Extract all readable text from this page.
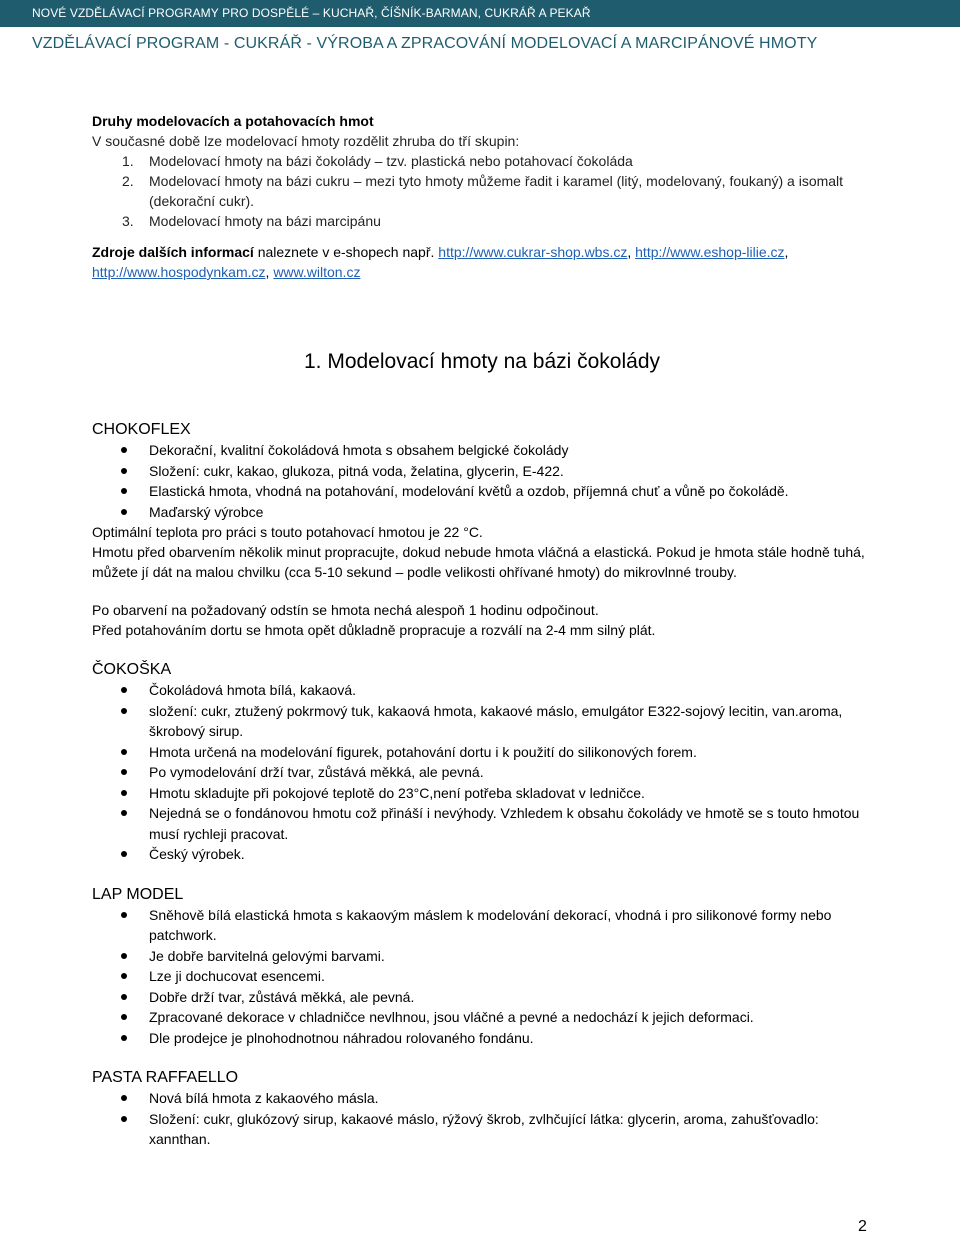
NOVÉ VZDĚLÁVACÍ PROGRAMY PRO DOSPĚLÉ – KUCHAŘ, ČÍŠNÍK-BARMAN, CUKRÁŘ A PEKAŘ
VZDĚLÁVACÍ PROGRAM - CUKRÁŘ - VÝROBA A ZPRACOVÁNÍ MODELOVACÍ A MARCIPÁNOVÉ HMOTY

Druhy modelovacích a potahovacích hmot

V současné době lze modelovací hmoty rozdělit zhruba do tří skupin:

1. Modelovací hmoty na bázi čokolády – tzv. plastická nebo potahovací čokoláda
2. Modelovací hmoty na bázi cukru – mezi tyto hmoty můžeme řadit i karamel (litý, modelovaný, foukaný) a isomalt (dekorační cukr).
3. Modelovací hmoty na bázi marcipánu

Zdroje dalších informací naleznete v e-shopech např. http://www.cukrar-shop.wbs.cz, http://www.eshop-lilie.cz,
http://www.hospodynkam.cz, www.wilton.cz

1. Modelovací hmoty na bázi čokolády

CHOKOFLEX

Dekorační, kvalitní čokoládová hmota s obsahem belgické čokolády
Složení: cukr, kakao, glukoza, pitná voda, želatina, glycerin, E-422.
Elastická hmota, vhodná na potahování, modelování květů a ozdob, příjemná chuť a vůně po čokoládě.
Maďarský výrobce

Optimální teplota pro práci s touto potahovací hmotou je 22 °C.

Hmotu před obarvením několik minut propracujte, dokud nebude hmota vláčná a elastická. Pokud je hmota stále hodně tuhá, můžete jí dát na malou chvilku (cca 5-10 sekund – podle velikosti ohřívané hmoty) do mikrovlnné trouby.

Po obarvení na požadovaný odstín se hmota nechá alespoň 1 hodinu odpočinout.

Před potahováním dortu se hmota opět důkladně propracuje a rozválí na 2-4 mm silný plát.

ČOKOŠKA

Čokoládová hmota bílá, kakaová.
složení: cukr, ztužený pokrmový tuk, kakaová hmota, kakaové máslo, emulgátor E322-sojový lecitin, van.aroma, škrobový sirup.
Hmota určená na modelování figurek, potahování dortu i k použití do silikonových forem.
Po vymodelování drží tvar, zůstává měkká, ale pevná.
Hmotu skladujte při pokojové teplotě do 23°C,není potřeba skladovat v ledničce.
Nejedná se o fondánovou hmotu což přináší i nevýhody. Vzhledem k obsahu čokolády ve hmotě se s touto hmotou musí rychleji pracovat.
Český výrobek.

LAP MODEL

Sněhově bílá elastická hmota s kakaovým máslem k modelování dekorací, vhodná i pro silikonové formy nebo patchwork.
Je dobře barvitelná gelovými barvami.
Lze ji dochucovat esencemi.
Dobře drží tvar, zůstává měkká, ale pevná.
Zpracované dekorace v chladničce nevlhnou, jsou vláčné a pevné a nedochází k jejich deformaci.
Dle prodejce je plnohodnotnou náhradou rolovaného fondánu.

PASTA RAFFAELLO

Nová bílá hmota z kakaového másla.
Složení: cukr, glukózový sirup, kakaové máslo, rýžový škrob, zvlhčující látka: glycerin, aroma, zahušťovadlo: xannthan.
2
